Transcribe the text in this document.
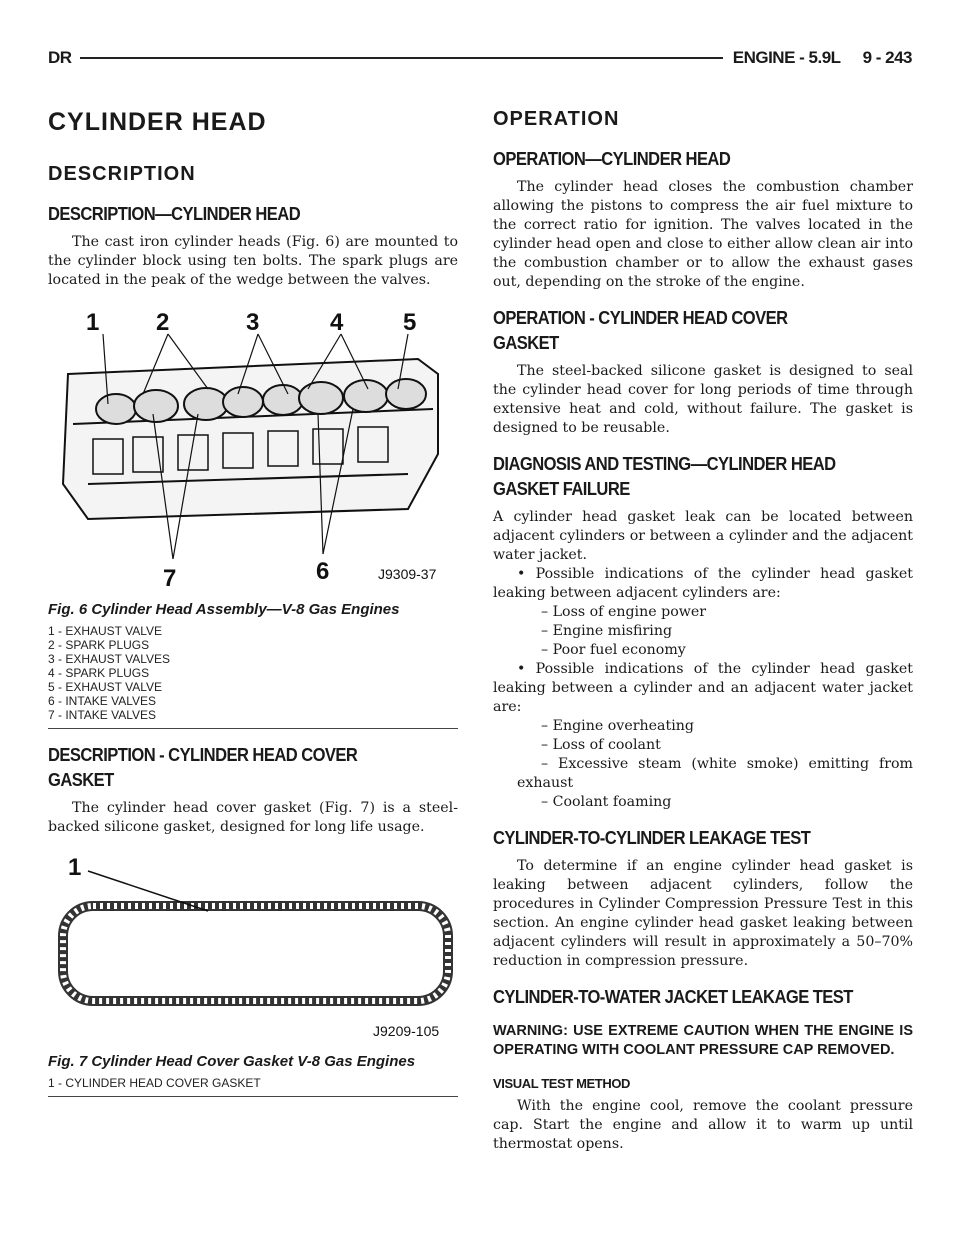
DR	ENGINE - 5.9L 9 - 243
CYLINDER HEAD
DESCRIPTION
DESCRIPTION—CYLINDER HEAD

The cast iron cylinder heads (Fig. 6) are mounted to the cylinder block using ten bolts. The spark plugs are located in the peak of the wedge between the valves.

1 2	3	4 5
6
7	J9309-37
Fig. 6 Cylinder Head Assembly—V-8 Gas Engines
1 - EXHAUST VALVE
2 - SPARK PLUGS
3 - EXHAUST VALVES
4 - SPARK PLUGS
5 - EXHAUST VALVE
6 - INTAKE VALVES
7 - INTAKE VALVES
DESCRIPTION - CYLINDER HEAD COVER
GASKET

The cylinder head cover gasket (Fig. 7) is a steel-backed silicone gasket, designed for long life usage.

1
J9209-105
Fig. 7 Cylinder Head Cover Gasket V-8 Gas Engines
1 - CYLINDER HEAD COVER GASKET
OPERATION
OPERATION—CYLINDER HEAD

The cylinder head closes the combustion chamber allowing the pistons to compress the air fuel mixture to the correct ratio for ignition. The valves located in the cylinder head open and close to either allow clean air into the combustion chamber or to allow the exhaust gases out, depending on the stroke of the engine.

OPERATION - CYLINDER HEAD COVER
GASKET

The steel-backed silicone gasket is designed to seal the cylinder head cover for long periods of time through extensive heat and cold, without failure. The gasket is designed to be reusable.

DIAGNOSIS AND TESTING—CYLINDER HEAD
GASKET FAILURE

A cylinder head gasket leak can be located between adjacent cylinders or between a cylinder and the adjacent water jacket.

• Possible indications of the cylinder head gasket leaking between adjacent cylinders are:

– Loss of engine power

– Engine misfiring

– Poor fuel economy

• Possible indications of the cylinder head gasket leaking between a cylinder and an adjacent water jacket are:

– Engine overheating

– Loss of coolant

– Excessive steam (white smoke) emitting from exhaust

– Coolant foaming

CYLINDER-TO-CYLINDER LEAKAGE TEST

To determine if an engine cylinder head gasket is leaking between adjacent cylinders, follow the procedures in Cylinder Compression Pressure Test in this section. An engine cylinder head gasket leaking between adjacent cylinders will result in approximately a 50–70% reduction in compression pressure.

CYLINDER-TO-WATER JACKET LEAKAGE TEST
WARNING: USE EXTREME CAUTION WHEN THE ENGINE IS OPERATING WITH COOLANT PRESSURE CAP REMOVED.
VISUAL TEST METHOD

With the engine cool, remove the coolant pressure cap. Start the engine and allow it to warm up until thermostat opens.
